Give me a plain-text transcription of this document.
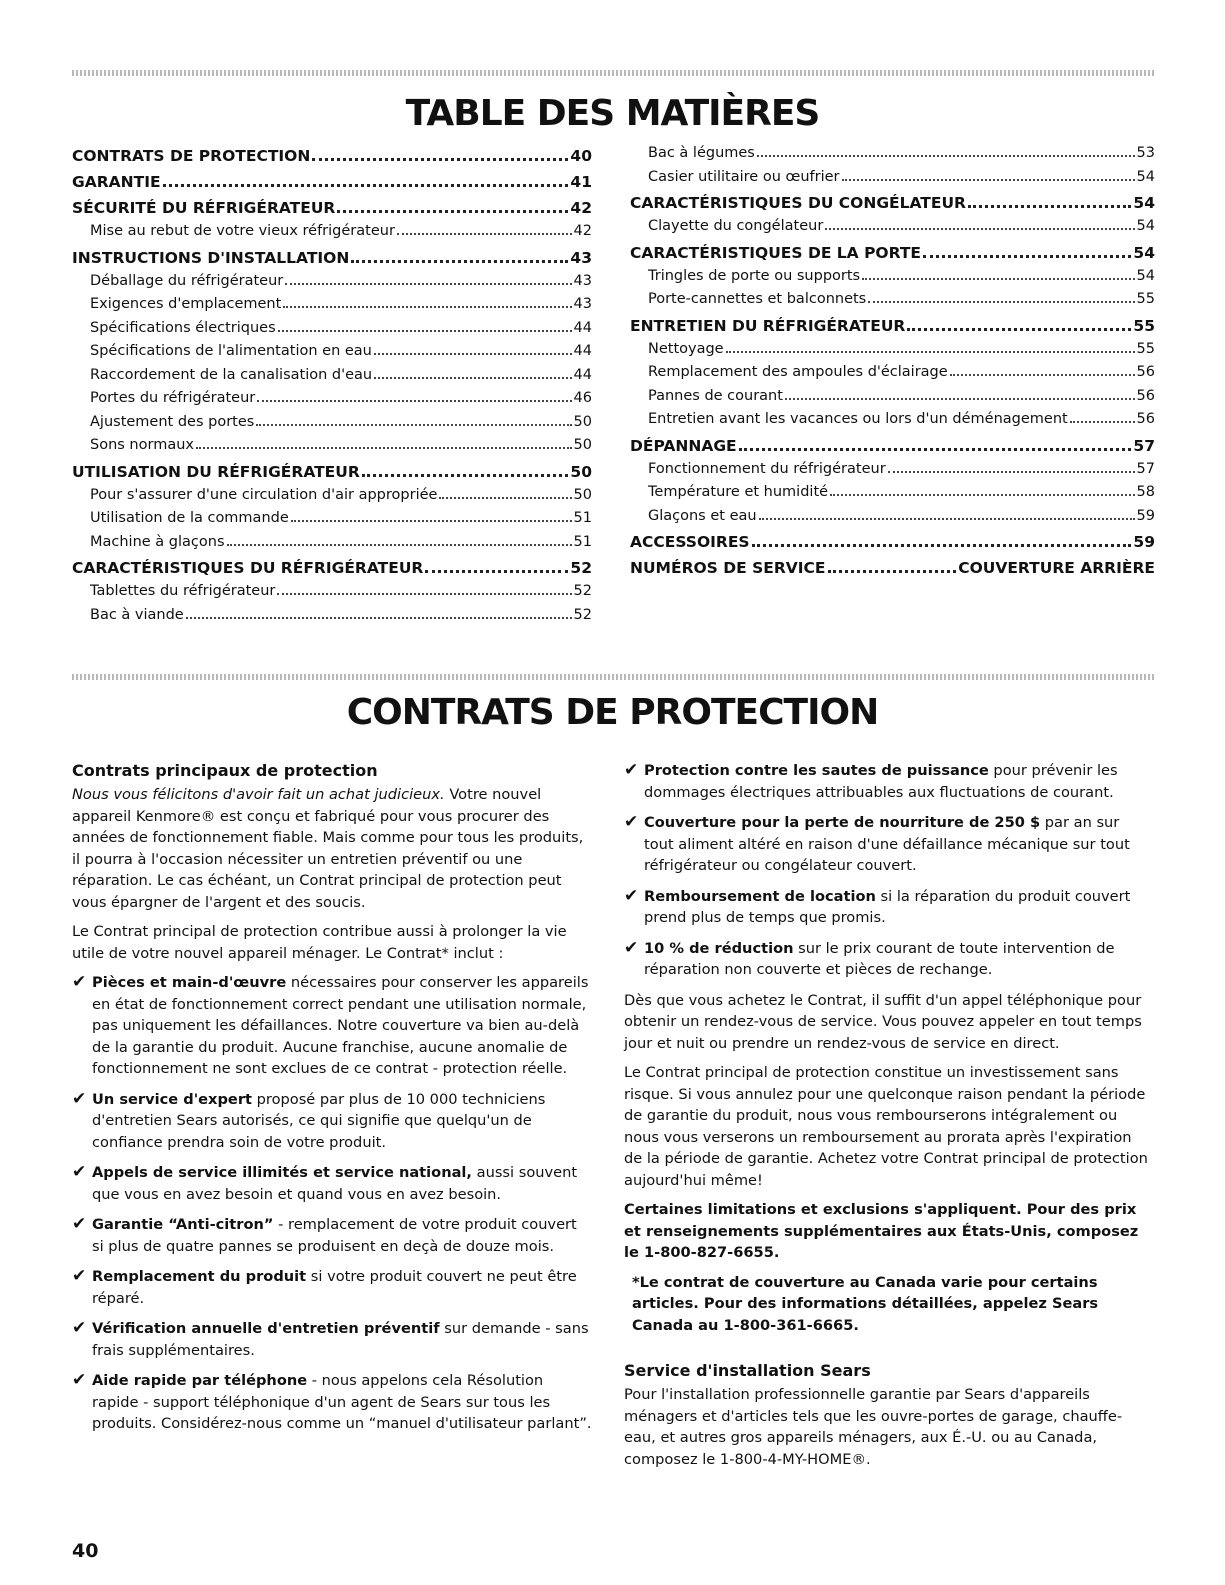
TABLE DES MATIÈRES
CONTRATS DE PROTECTION	40
GARANTIE	41
SÉCURITÉ DU RÉFRIGÉRATEUR	42
Mise au rebut de votre vieux réfrigérateur	42
INSTRUCTIONS D'INSTALLATION	43
Déballage du réfrigérateur	43
Exigences d'emplacement	43
Spécifications électriques	44
Spécifications de l'alimentation en eau	44
Raccordement de la canalisation d'eau	44
Portes du réfrigérateur	46
Ajustement des portes	50
Sons normaux	50
UTILISATION DU RÉFRIGÉRATEUR	50
Pour s'assurer d'une circulation d'air appropriée	50
Utilisation de la commande	51
Machine à glaçons	51
CARACTÉRISTIQUES DU RÉFRIGÉRATEUR	52
Tablettes du réfrigérateur	52
Bac à viande	52
Bac à légumes	53
Casier utilitaire ou œufrier	54
CARACTÉRISTIQUES DU CONGÉLATEUR	54
Clayette du congélateur	54
CARACTÉRISTIQUES DE LA PORTE	54
Tringles de porte ou supports	54
Porte-cannettes et balconnets	55
ENTRETIEN DU RÉFRIGÉRATEUR	55
Nettoyage	55
Remplacement des ampoules d'éclairage	56
Pannes de courant	56
Entretien avant les vacances ou lors d'un déménagement	56
DÉPANNAGE	57
Fonctionnement du réfrigérateur	57
Température et humidité	58
Glaçons et eau	59
ACCESSOIRES	59
NUMÉROS DE SERVICE	COUVERTURE ARRIÈRE
CONTRATS DE PROTECTION
Contrats principaux de protection

Nous vous félicitons d'avoir fait un achat judicieux. Votre nouvel appareil Kenmore® est conçu et fabriqué pour vous procurer des années de fonctionnement fiable. Mais comme pour tous les produits, il pourra à l'occasion nécessiter un entretien préventif ou une réparation. Le cas échéant, un Contrat principal de protection peut vous épargner de l'argent et des soucis.

Le Contrat principal de protection contribue aussi à prolonger la vie utile de votre nouvel appareil ménager. Le Contrat* inclut :

✔ Pièces et main-d'œuvre nécessaires pour conserver les appareils en état de fonctionnement correct pendant une utilisation normale, pas uniquement les défaillances. Notre couverture va bien au-delà de la garantie du produit. Aucune franchise, aucune anomalie de fonctionnement ne sont exclues de ce contrat - protection réelle.
✔ Un service d'expert proposé par plus de 10 000 techniciens d'entretien Sears autorisés, ce qui signifie que quelqu'un de confiance prendra soin de votre produit.
✔ Appels de service illimités et service national, aussi souvent que vous en avez besoin et quand vous en avez besoin.
✔ Garantie “Anti-citron” - remplacement de votre produit couvert si plus de quatre pannes se produisent en deçà de douze mois.
✔ Remplacement du produit si votre produit couvert ne peut être réparé.
✔ Vérification annuelle d'entretien préventif sur demande - sans frais supplémentaires.
✔ Aide rapide par téléphone - nous appelons cela Résolution rapide - support téléphonique d'un agent de Sears sur tous les produits. Considérez-nous comme un “manuel d'utilisateur parlant”.
✔ Protection contre les sautes de puissance pour prévenir les dommages électriques attribuables aux fluctuations de courant.
✔ Couverture pour la perte de nourriture de 250 $ par an sur tout aliment altéré en raison d'une défaillance mécanique sur tout réfrigérateur ou congélateur couvert.
✔ Remboursement de location si la réparation du produit couvert prend plus de temps que promis.
✔ 10 % de réduction sur le prix courant de toute intervention de réparation non couverte et pièces de rechange.

Dès que vous achetez le Contrat, il suffit d'un appel téléphonique pour obtenir un rendez-vous de service. Vous pouvez appeler en tout temps jour et nuit ou prendre un rendez-vous de service en direct.

Le Contrat principal de protection constitue un investissement sans risque. Si vous annulez pour une quelconque raison pendant la période de garantie du produit, nous vous rembourserons intégralement ou nous vous verserons un remboursement au prorata après l'expiration de la période de garantie. Achetez votre Contrat principal de protection aujourd'hui même!

Certaines limitations et exclusions s'appliquent. Pour des prix et renseignements supplémentaires aux États-Unis, composez le 1-800-827-6655.

*Le contrat de couverture au Canada varie pour certains articles. Pour des informations détaillées, appelez Sears Canada au 1-800-361-6665.

Service d'installation Sears

Pour l'installation professionnelle garantie par Sears d'appareils ménagers et d'articles tels que les ouvre-portes de garage, chauffe-eau, et autres gros appareils ménagers, aux É.-U. ou au Canada, composez le 1-800-4-MY-HOME®.

40
